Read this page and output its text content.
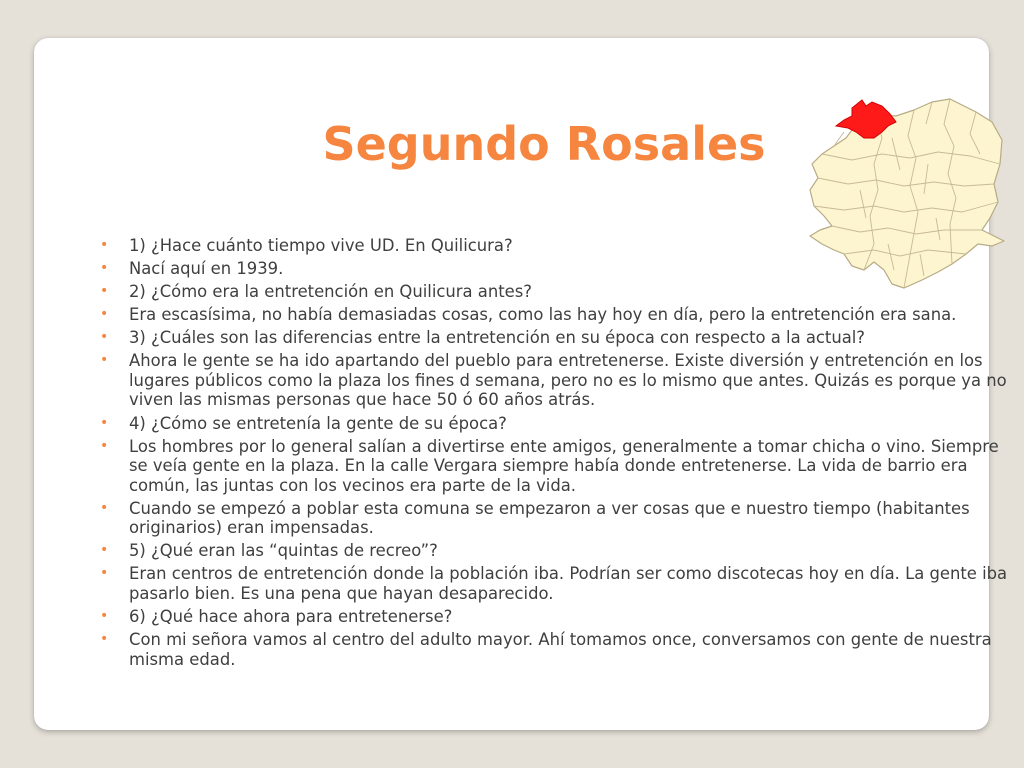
Segundo Rosales
• 1) ¿Hace cuánto tiempo vive UD. En Quilicura?
• Nací aquí en 1939.
• 2) ¿Cómo era la entretención en Quilicura antes?
• Era escasísima, no había demasiadas cosas, como las hay hoy en día, pero la entretención era sana.
• 3) ¿Cuáles son las diferencias entre la entretención en su época con respecto a la actual?
• Ahora le gente se ha ido apartando del pueblo para entretenerse. Existe diversión y entretención en los lugares públicos como la plaza los fines d semana, pero no es lo mismo que antes. Quizás es porque ya no viven las mismas personas que hace 50 ó 60 años atrás.
• 4) ¿Cómo se entretenía la gente de su época?
• Los hombres por lo general salían a divertirse ente amigos, generalmente a tomar chicha o vino. Siempre se veía gente en la plaza. En la calle Vergara siempre había donde entretenerse. La vida de barrio era común, las juntas con los vecinos era parte de la vida.
• Cuando se empezó a poblar esta comuna se empezaron a ver cosas que e nuestro tiempo (habitantes originarios) eran impensadas.
• 5) ¿Qué eran las “quintas de recreo”?
• Eran centros de entretención donde la población iba. Podrían ser como discotecas hoy en día. La gente iba pasarlo bien. Es una pena que hayan desaparecido.
• 6) ¿Qué hace ahora para entretenerse?
• Con mi señora vamos al centro del adulto mayor. Ahí tomamos once, conversamos con gente de nuestra misma edad.
